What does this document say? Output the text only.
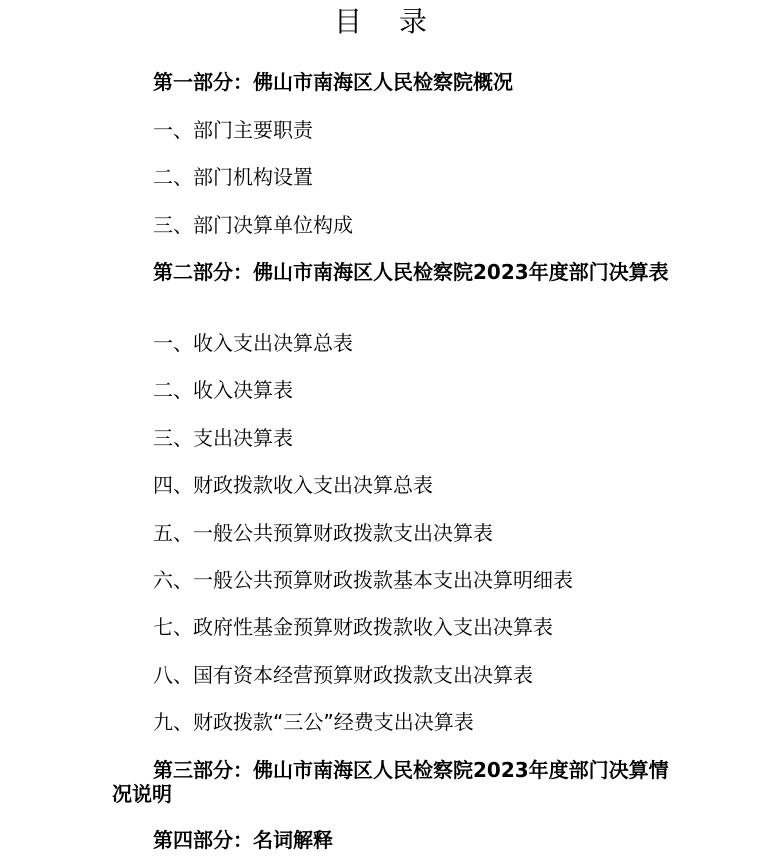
目 录
第一部分：佛山市南海区人民检察院概况
一、部门主要职责
二、部门机构设置
三、部门决算单位构成
第二部分：佛山市南海区人民检察院2023年度部门决算表
一、收入支出决算总表
二、收入决算表
三、支出决算表
四、财政拨款收入支出决算总表
五、一般公共预算财政拨款支出决算表
六、一般公共预算财政拨款基本支出决算明细表
七、政府性基金预算财政拨款收入支出决算表
八、国有资本经营预算财政拨款支出决算表
九、财政拨款“三公”经费支出决算表
第三部分：佛山市南海区人民检察院2023年度部门决算情况说明
第四部分：名词解释
